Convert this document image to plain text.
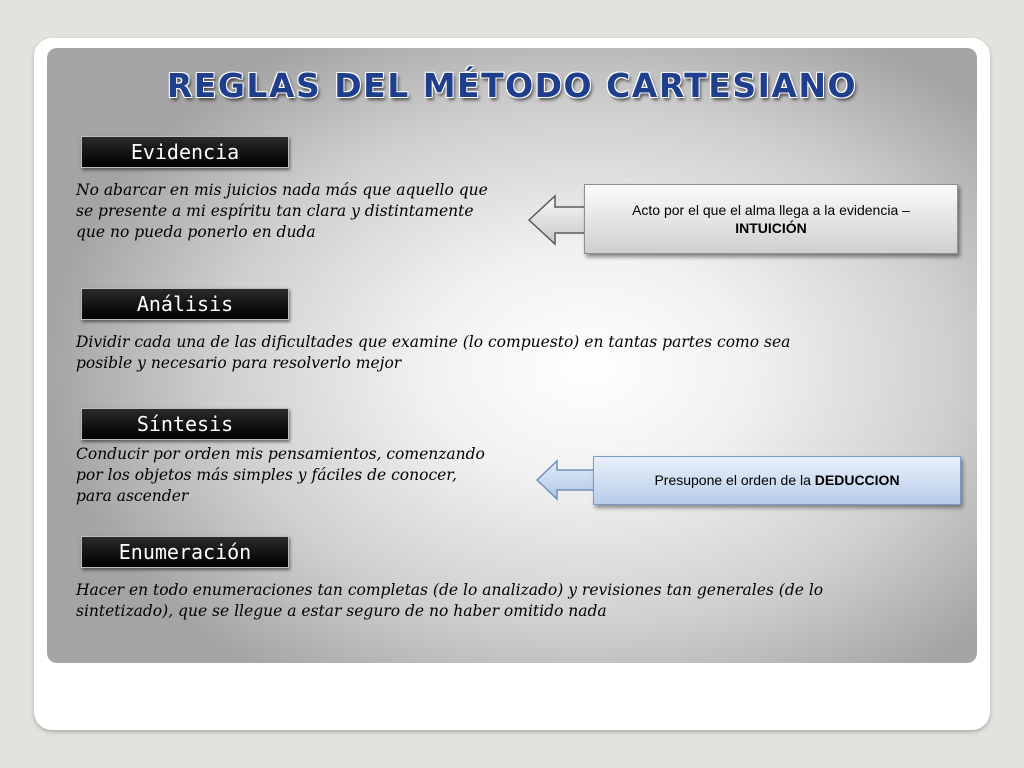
REGLAS DEL MÉTODO CARTESIANO
Evidencia

No abarcar en mis juicios nada más que aquello que se presente a mi espíritu tan clara y distintamente que no pueda ponerlo en duda

Acto por el que el alma llega a la evidencia –
INTUICIÓN
Análisis

Dividir cada una de las dificultades que examine (lo compuesto) en tantas partes como sea posible y necesario para resolverlo mejor

Síntesis

Conducir por orden mis pensamientos, comenzando por los objetos más simples y fáciles de conocer, para ascender

Presupone el orden de la DEDUCCION
Enumeración

Hacer en todo enumeraciones tan completas (de lo analizado) y revisiones tan generales (de lo sintetizado), que se llegue a estar seguro de no haber omitido nada
